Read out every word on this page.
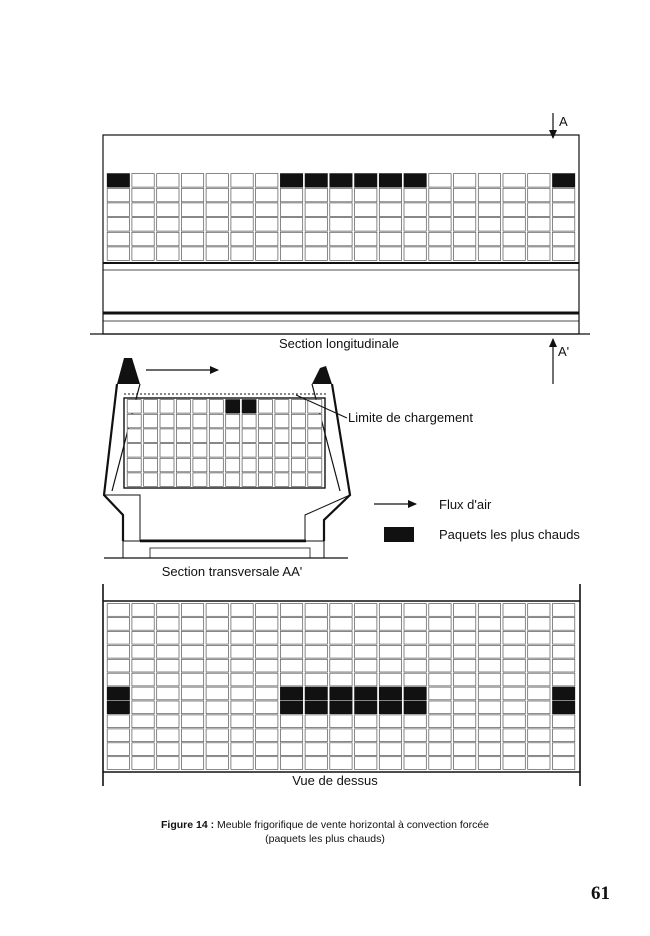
A
A'
Section longitudinale
Limite de chargement
Section transversale AA'
Flux d'air
Paquets les plus chauds
Vue de dessus
Figure 14 : Meuble frigorifique de vente horizontal à convection forcée
(paquets les plus chauds)
61
